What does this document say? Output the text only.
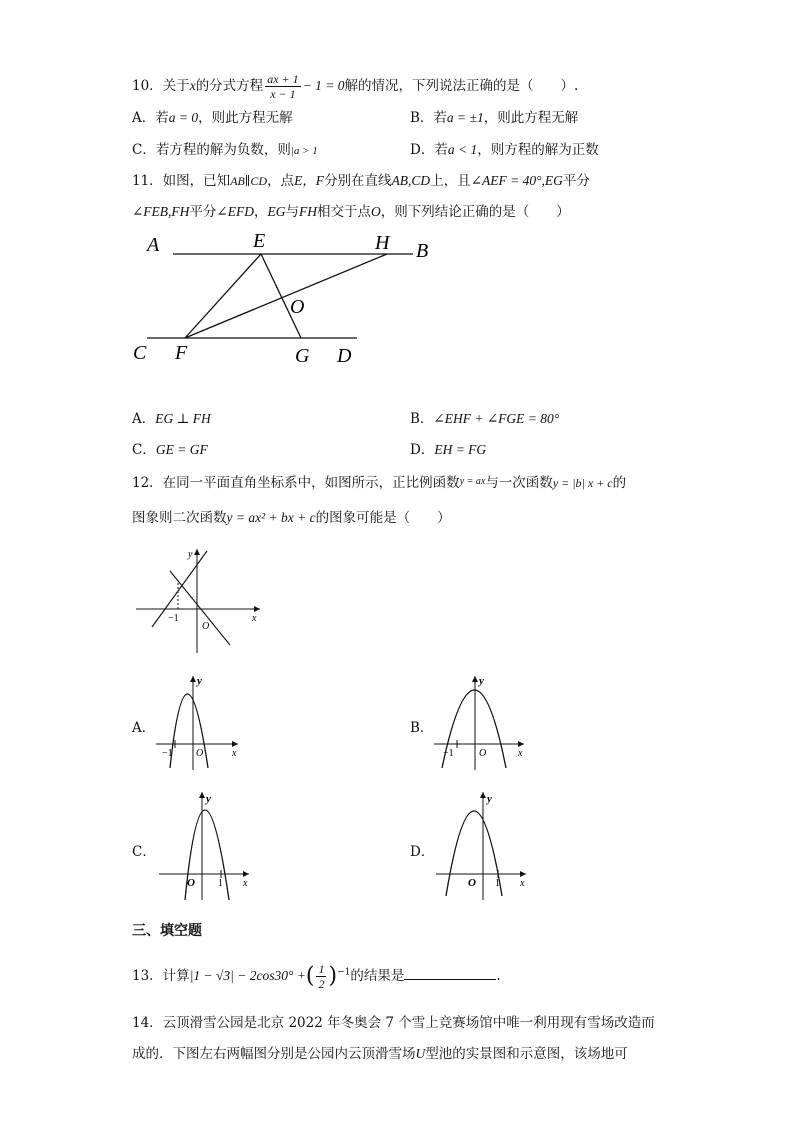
10．关于x的分式方程 $\frac{ax + 1}{x - 1} - 1 = 0$解的情况，下列说法正确的是（　　）.
A．若a = 0，则此方程无解	B．若a = ±1，则此方程无解
C．若方程的解为负数，则|a > 1	D．若a < 1，则方程的解为正数
11．如图，已知AB∥CD，点E，F分别在直线AB,CD上，且∠AEF = 40°,EG平分
∠FEB,FH平分∠EFD，EG与FH相交于点O，则下列结论正确的是（　　）
A	E	H B
O
C F	G D
A．EG ⊥ FH	B．∠EHF + ∠FGE = 80°
C．GE = GF	D．EH = FG
12．在同一平面直角坐标系中，如图所示，正比例函数$^{y = ax}$与一次函数y = |b| x + c的
图象则二次函数y = ax² + bx + c的图象可能是（　　）
y
x
−1
O
A．
y
x
−1 O
B．
y
x
−1	O
C．
y
x
O 1
D．
y
x
O 1
三、填空题
13．计算|1 − √3| − 2cos30° +( $\frac{1}{2} )^{-1}$的结果是	.
14．云顶滑雪公园是北京 2022 年冬奥会 7 个雪上竞赛场馆中唯一利用现有雪场改造而
成的．下图左右两幅图分别是公园内云顶滑雪场U型池的实景图和示意图，该场地可
